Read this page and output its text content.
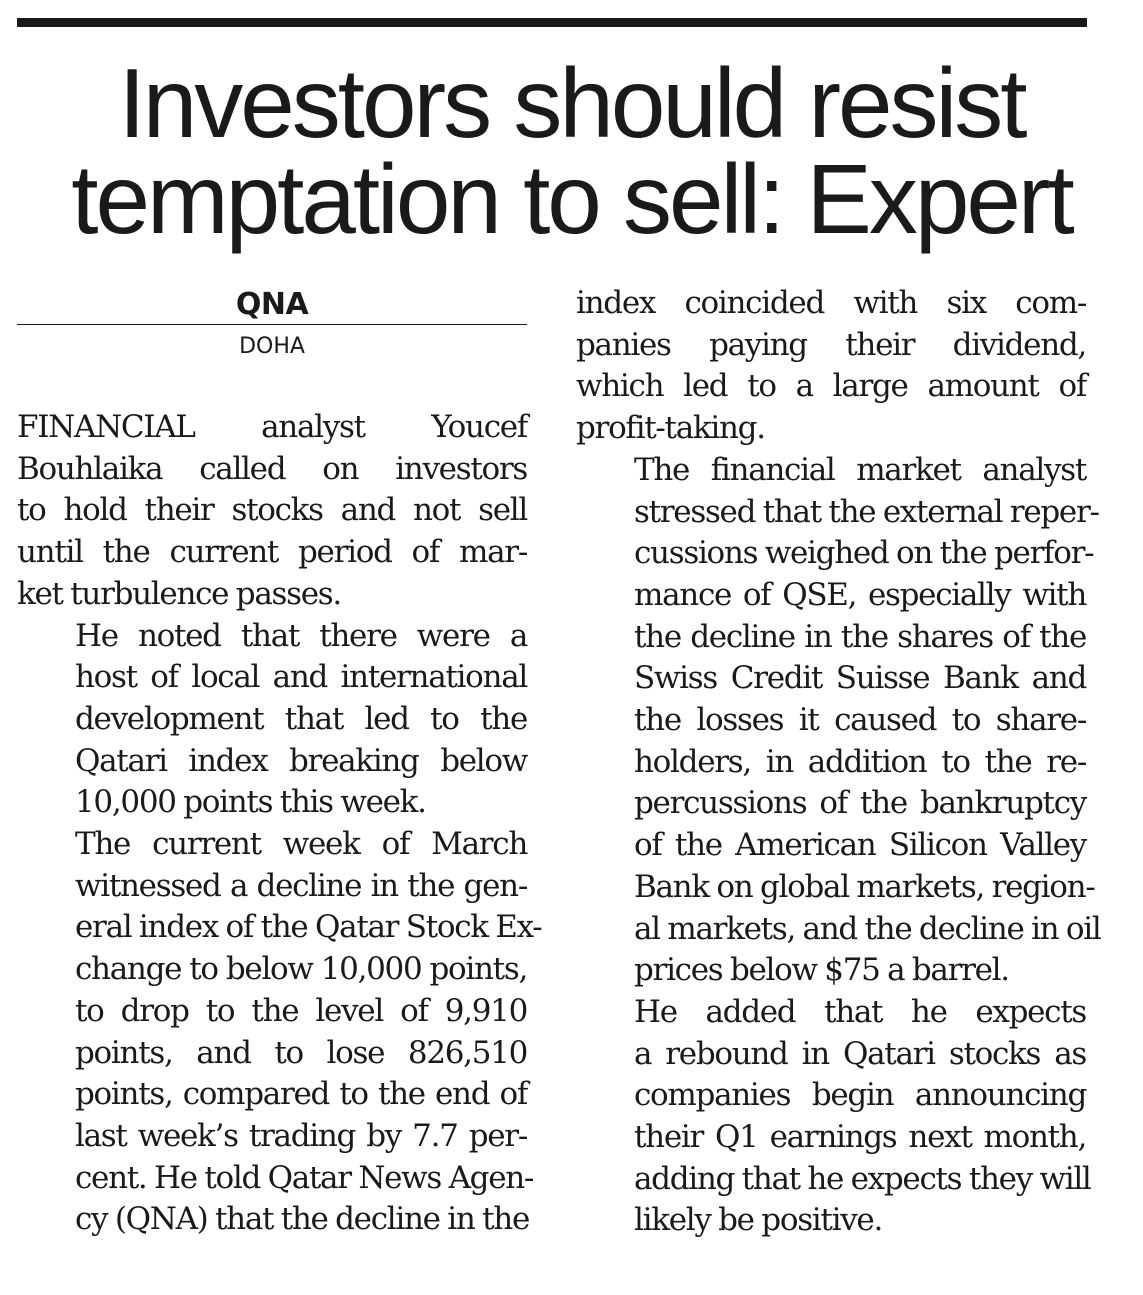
Investors should resist
temptation to sell: Expert
QNA
DOHA

FINANCIAL analyst Youcef
Bouhlaika called on investors
to hold their stocks and not sell
until the current period of mar-
ket turbulence passes.

He noted that there were a
host of local and international
development that led to the
Qatari index breaking below
10,000 points this week.

The current week of March
witnessed a decline in the gen-
eral index of the Qatar Stock Ex-
change to below 10,000 points,
to drop to the level of 9,910
points, and to lose 826,510
points, compared to the end of
last week’s trading by 7.7 per-
cent. He told Qatar News Agen-
cy (QNA) that the decline in the

index coincided with six com-
panies paying their dividend,
which led to a large amount of
profit-taking.

The financial market analyst
stressed that the external reper-
cussions weighed on the perfor-
mance of QSE, especially with
the decline in the shares of the
Swiss Credit Suisse Bank and
the losses it caused to share-
holders, in addition to the re-
percussions of the bankruptcy
of the American Silicon Valley
Bank on global markets, region-
al markets, and the decline in oil
prices below $75 a barrel.

He added that he expects
a rebound in Qatari stocks as
companies begin announcing
their Q1 earnings next month,
adding that he expects they will
likely be positive.
